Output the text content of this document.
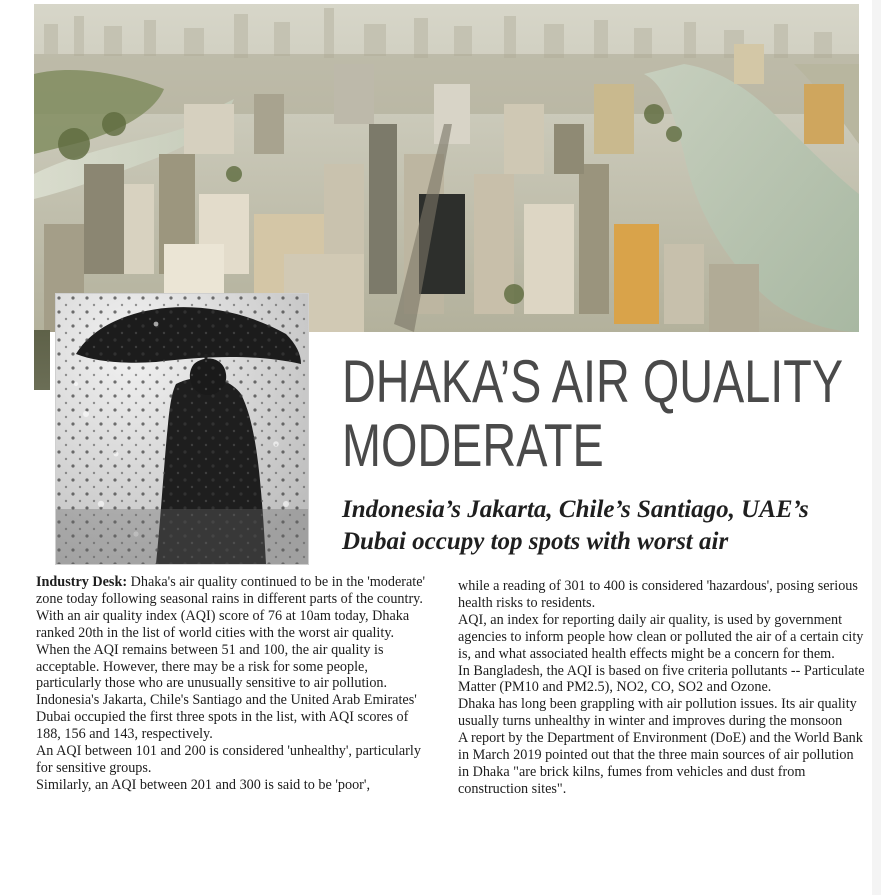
DHAKA’S AIR QUALITY
MODERATE
Indonesia’s Jakarta, Chile’s Santiago, UAE’s Dubai occupy top spots with worst air

Industry Desk: Dhaka's air quality continued to be in the 'moderate' zone today following seasonal rains in different parts of the country.

With an air quality index (AQI) score of 76 at 10am today, Dhaka ranked 20th in the list of world cities with the worst air quality.

When the AQI remains between 51 and 100, the air quality is acceptable. However, there may be a risk for some people, particularly those who are unusually sensitive to air pollution.

Indonesia's Jakarta, Chile's Santiago and the United Arab Emirates' Dubai occupied the first three spots in the list, with AQI scores of 188, 156 and 143, respectively.

An AQI between 101 and 200 is considered 'unhealthy', particularly for sensitive groups.

Similarly, an AQI between 201 and 300 is said to be 'poor',

while a reading of 301 to 400 is considered 'hazardous', posing serious health risks to residents.

AQI, an index for reporting daily air quality, is used by government agencies to inform people how clean or polluted the air of a certain city is, and what associated health effects might be a concern for them.

In Bangladesh, the AQI is based on five criteria pollutants -- Particulate Matter (PM10 and PM2.5), NO2, CO, SO2 and Ozone.

Dhaka has long been grappling with air pollution issues. Its air quality usually turns unhealthy in winter and improves during the monsoon

A report by the Department of Environment (DoE) and the World Bank in March 2019 pointed out that the three main sources of air pollution in Dhaka "are brick kilns, fumes from vehicles and dust from construction sites".
